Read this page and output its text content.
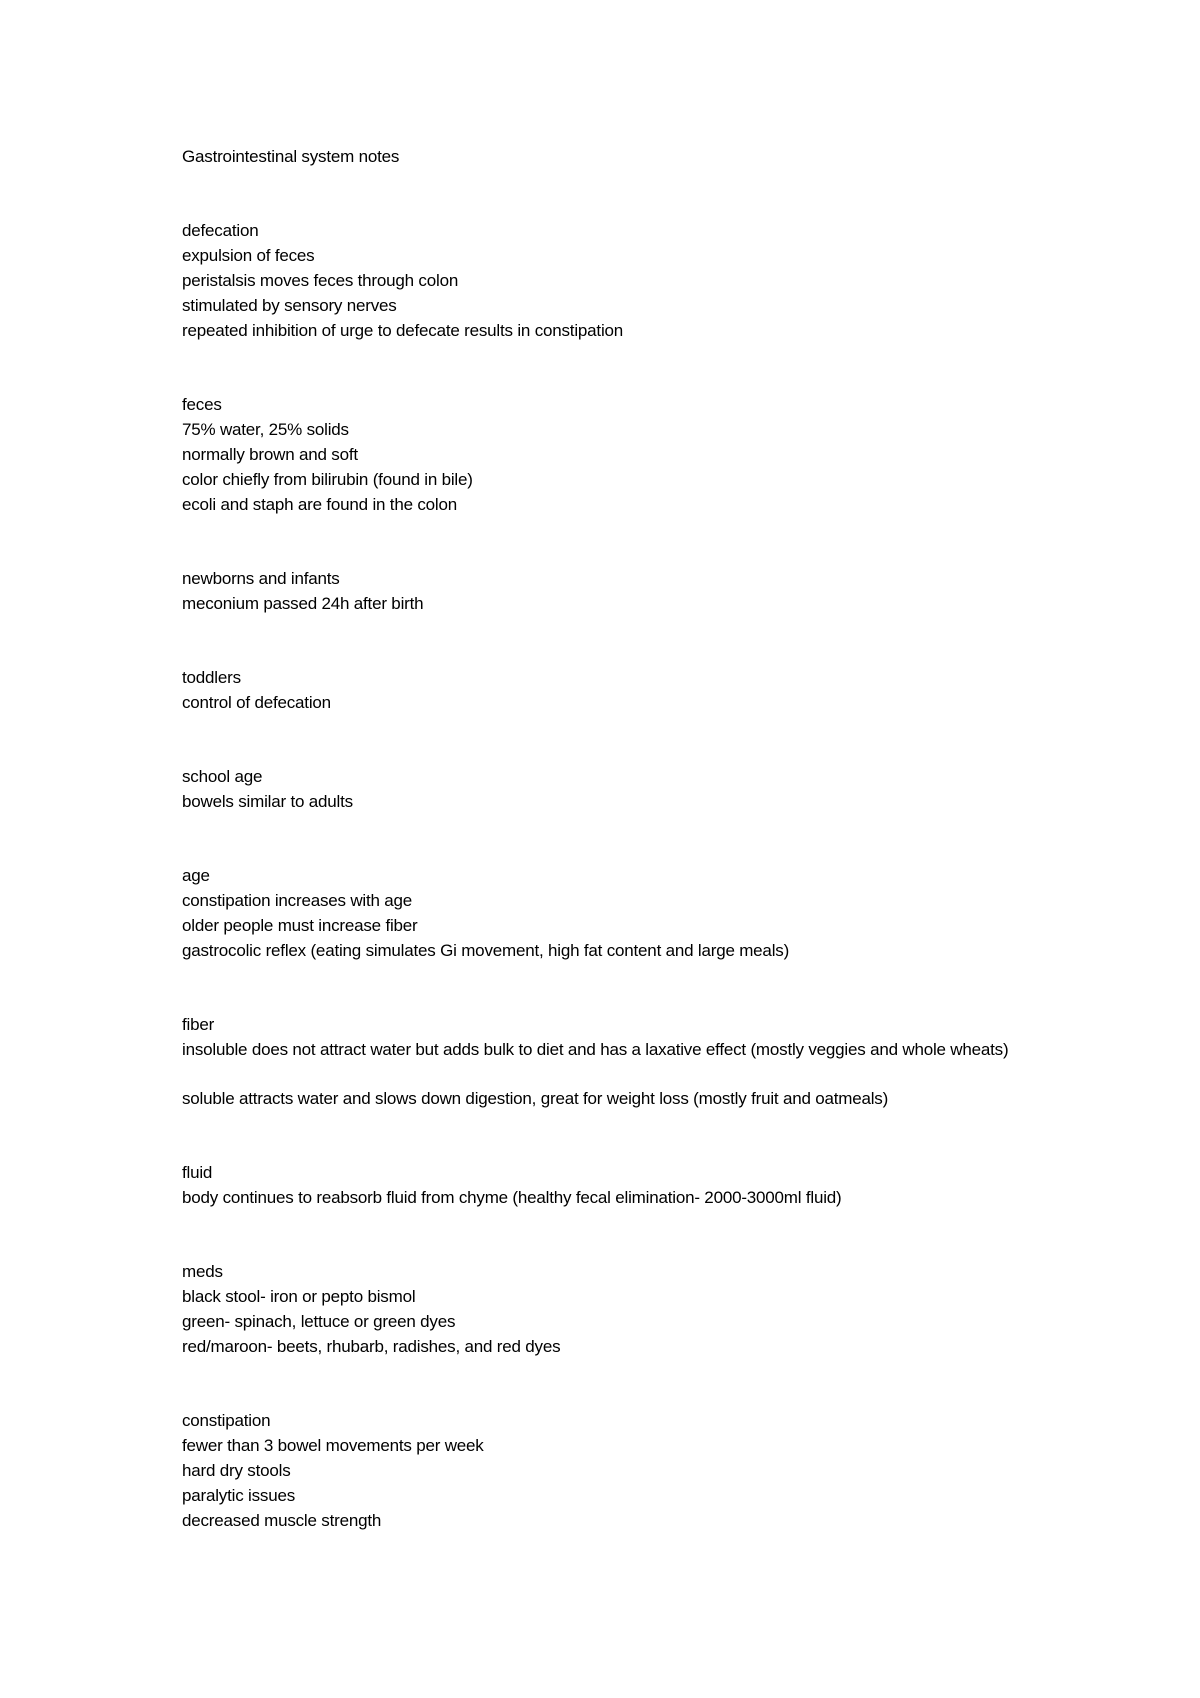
Gastrointestinal system notes
defecation
expulsion of feces
peristalsis moves feces through colon
stimulated by sensory nerves
repeated inhibition of urge to defecate results in constipation
feces
75% water, 25% solids
normally brown and soft
color chiefly from bilirubin (found in bile)
ecoli and staph are found in the colon
newborns and infants
meconium passed 24h after birth
toddlers
control of defecation
school age
bowels similar to adults
age
constipation increases with age
older people must increase fiber
gastrocolic reflex (eating simulates Gi movement, high fat content and large meals)
fiber
insoluble does not attract water but adds bulk to diet and has a laxative effect (mostly veggies and whole wheats)
soluble attracts water and slows down digestion, great for weight loss (mostly fruit and oatmeals)
fluid
body continues to reabsorb fluid from chyme (healthy fecal elimination- 2000-3000ml fluid)
meds
black stool- iron or pepto bismol
green- spinach, lettuce or green dyes
red/maroon- beets, rhubarb, radishes, and red dyes
constipation
fewer than 3 bowel movements per week
hard dry stools
paralytic issues
decreased muscle strength
